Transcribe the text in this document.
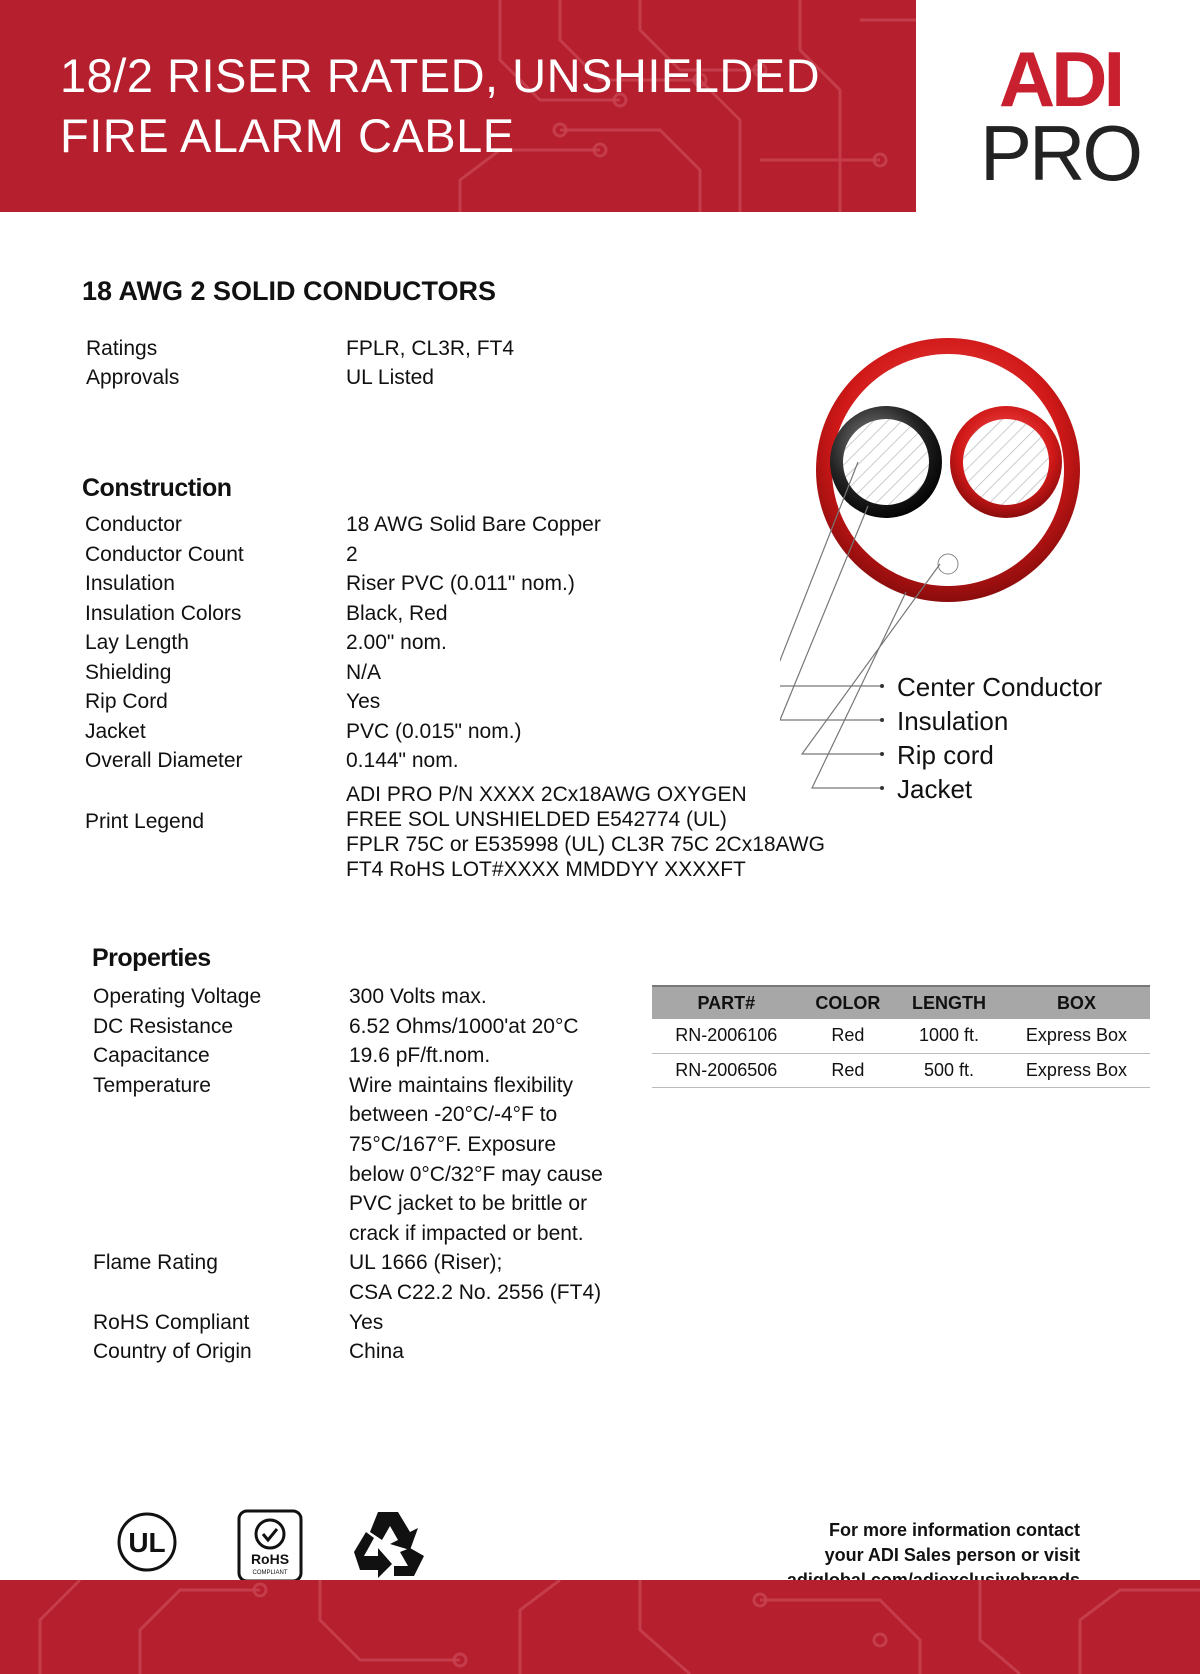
18/2 RISER RATED, UNSHIELDED
FIRE ALARM CABLE
ADI
PRO
18 AWG 2 SOLID CONDUCTORS
Ratings	FPLR, CL3R, FT4
Approvals	UL Listed
Construction
Conductor	18 AWG Solid Bare Copper
Conductor Count	2
Insulation	Riser PVC (0.011" nom.)
Insulation Colors	Black, Red
Lay Length	2.00" nom.
Shielding	N/A
Rip Cord	Yes
Jacket	PVC (0.015" nom.)
Overall Diameter	0.144" nom.
Print Legend
ADI PRO P/N XXXX 2Cx18AWG OXYGEN
FREE SOL UNSHIELDED E542774 (UL)
FPLR 75C or E535998 (UL) CL3R 75C 2Cx18AWG
FT4 RoHS LOT#XXXX MMDDYY XXXXFT
Center Conductor
Insulation
Rip cord
Jacket
Properties
Operating Voltage	300 Volts max.
DC Resistance	6.52 Ohms/1000'at 20°C
Capacitance	19.6 pF/ft.nom.
Temperature	Wire maintains flexibility
between -20°C/-4°F to
75°C/167°F. Exposure
below 0°C/32°F may cause
PVC jacket to be brittle or
crack if impacted or bent.
Flame Rating	UL 1666 (Riser);
CSA C22.2 No. 2556 (FT4)
RoHS Compliant	Yes
Country of Origin	China
PART#	COLOR	LENGTH	BOX
RN-2006106	Red	1000 ft.	Express Box
RN-2006506	Red	500 ft.	Express Box
UL
RoHS
COMPLIANT
For more information contact
your ADI Sales person or visit
